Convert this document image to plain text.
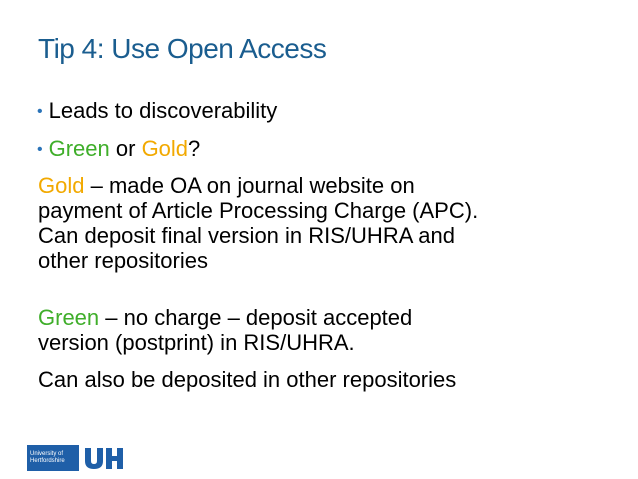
Tip 4: Use Open Access
• Leads to discoverability
• Green or Gold?
Gold – made OA on journal website on
payment of Article Processing Charge (APC).
Can deposit final version in RIS/UHRA and
other repositories
Green – no charge – deposit accepted
version (postprint) in RIS/UHRA.
Can also be deposited in other repositories
University of
Hertfordshire
